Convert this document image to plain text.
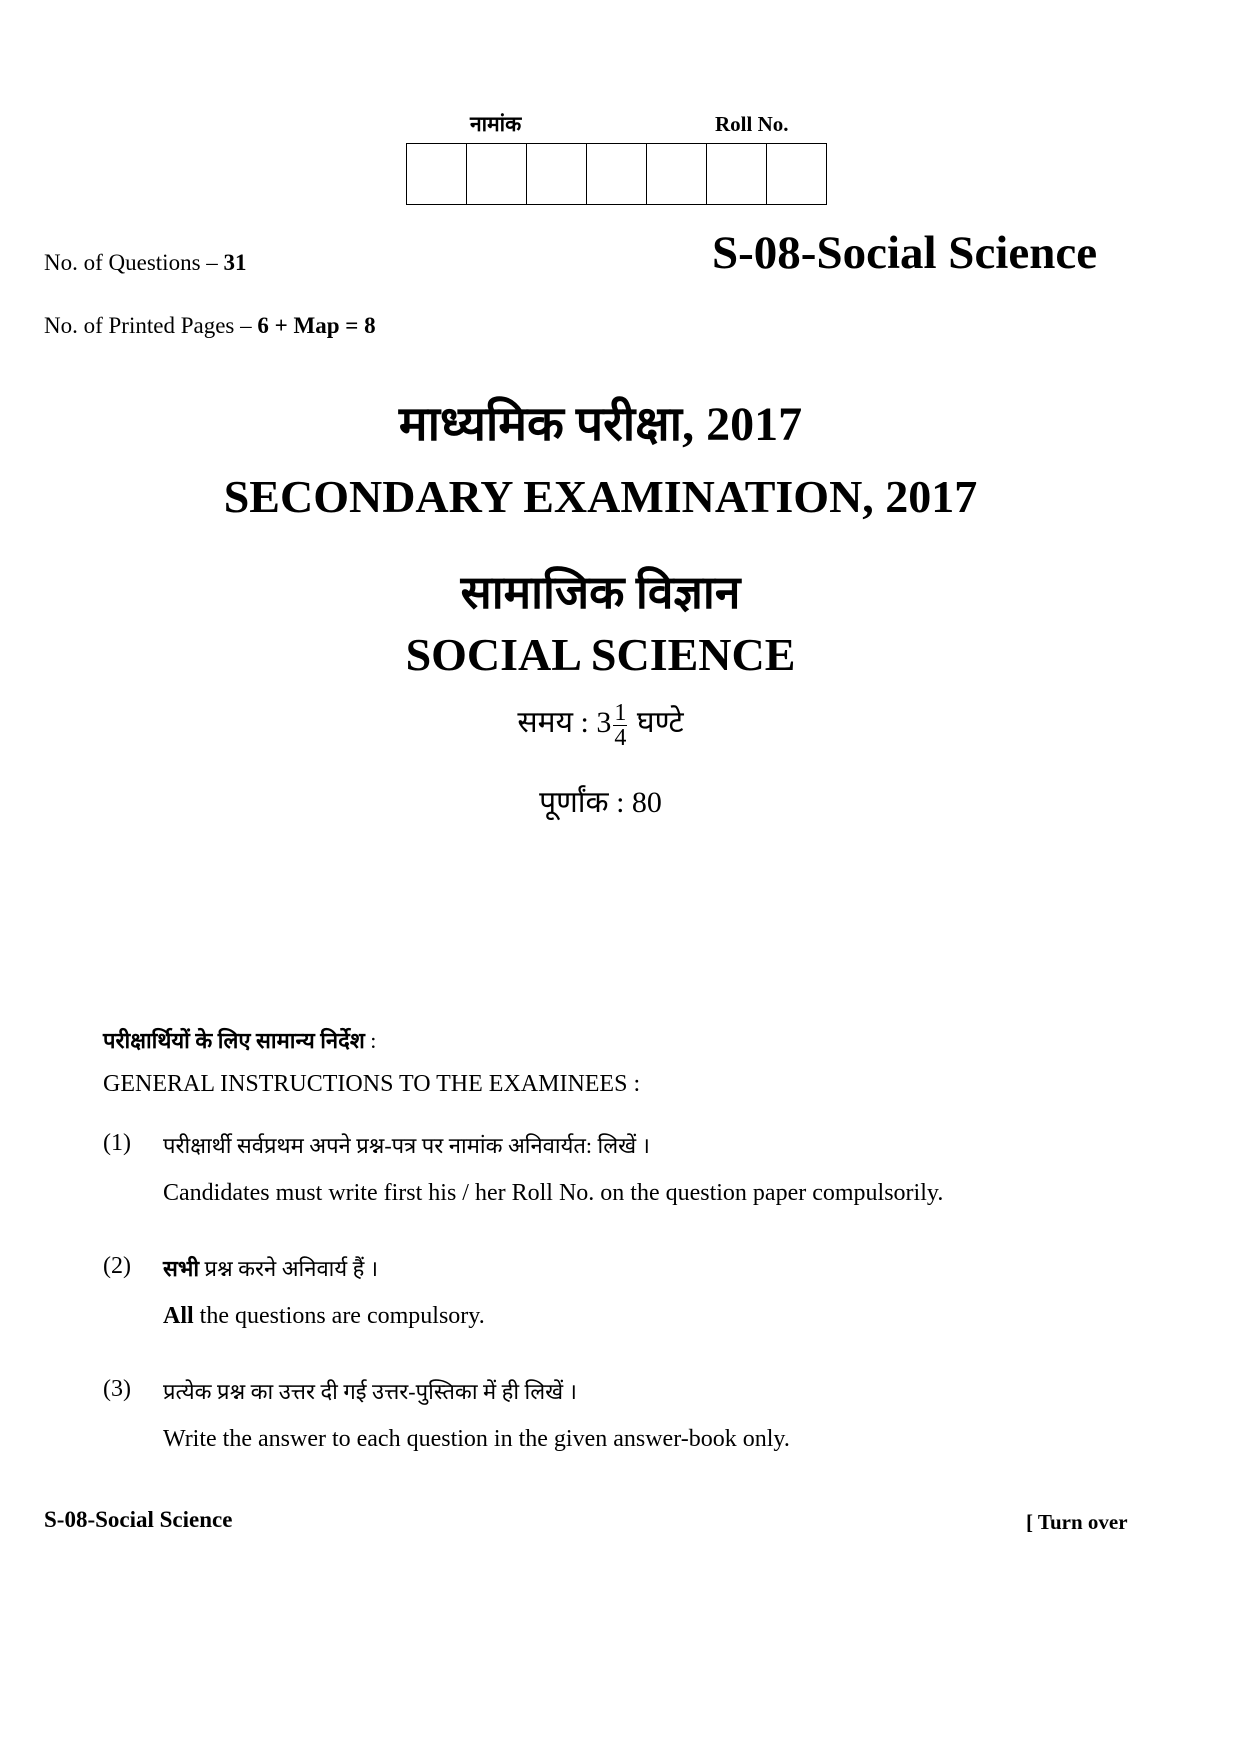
नामांक	Roll No.
No. of Questions – 31	S-08-Social Science
No. of Printed Pages – 6 + Map = 8
माध्यमिक परीक्षा, 2017
SECONDARY EXAMINATION, 2017
सामाजिक विज्ञान
SOCIAL SCIENCE
समय : $3 \frac{1}{4}$ घण्टे
पूर्णांक : 80
परीक्षार्थियों के लिए सामान्य निर्देश :
GENERAL INSTRUCTIONS TO THE EXAMINEES :
(1) परीक्षार्थी सर्वप्रथम अपने प्रश्न-पत्र पर नामांक अनिवार्यत: लिखें ।
Candidates must write first his / her Roll No. on the question paper compulsorily.
(2) सभी प्रश्न करने अनिवार्य हैं ।
All the questions are compulsory.
(3) प्रत्येक प्रश्न का उत्तर दी गई उत्तर-पुस्तिका में ही लिखें ।
Write the answer to each question in the given answer-book only.
S-08-Social Science	[ Turn over
